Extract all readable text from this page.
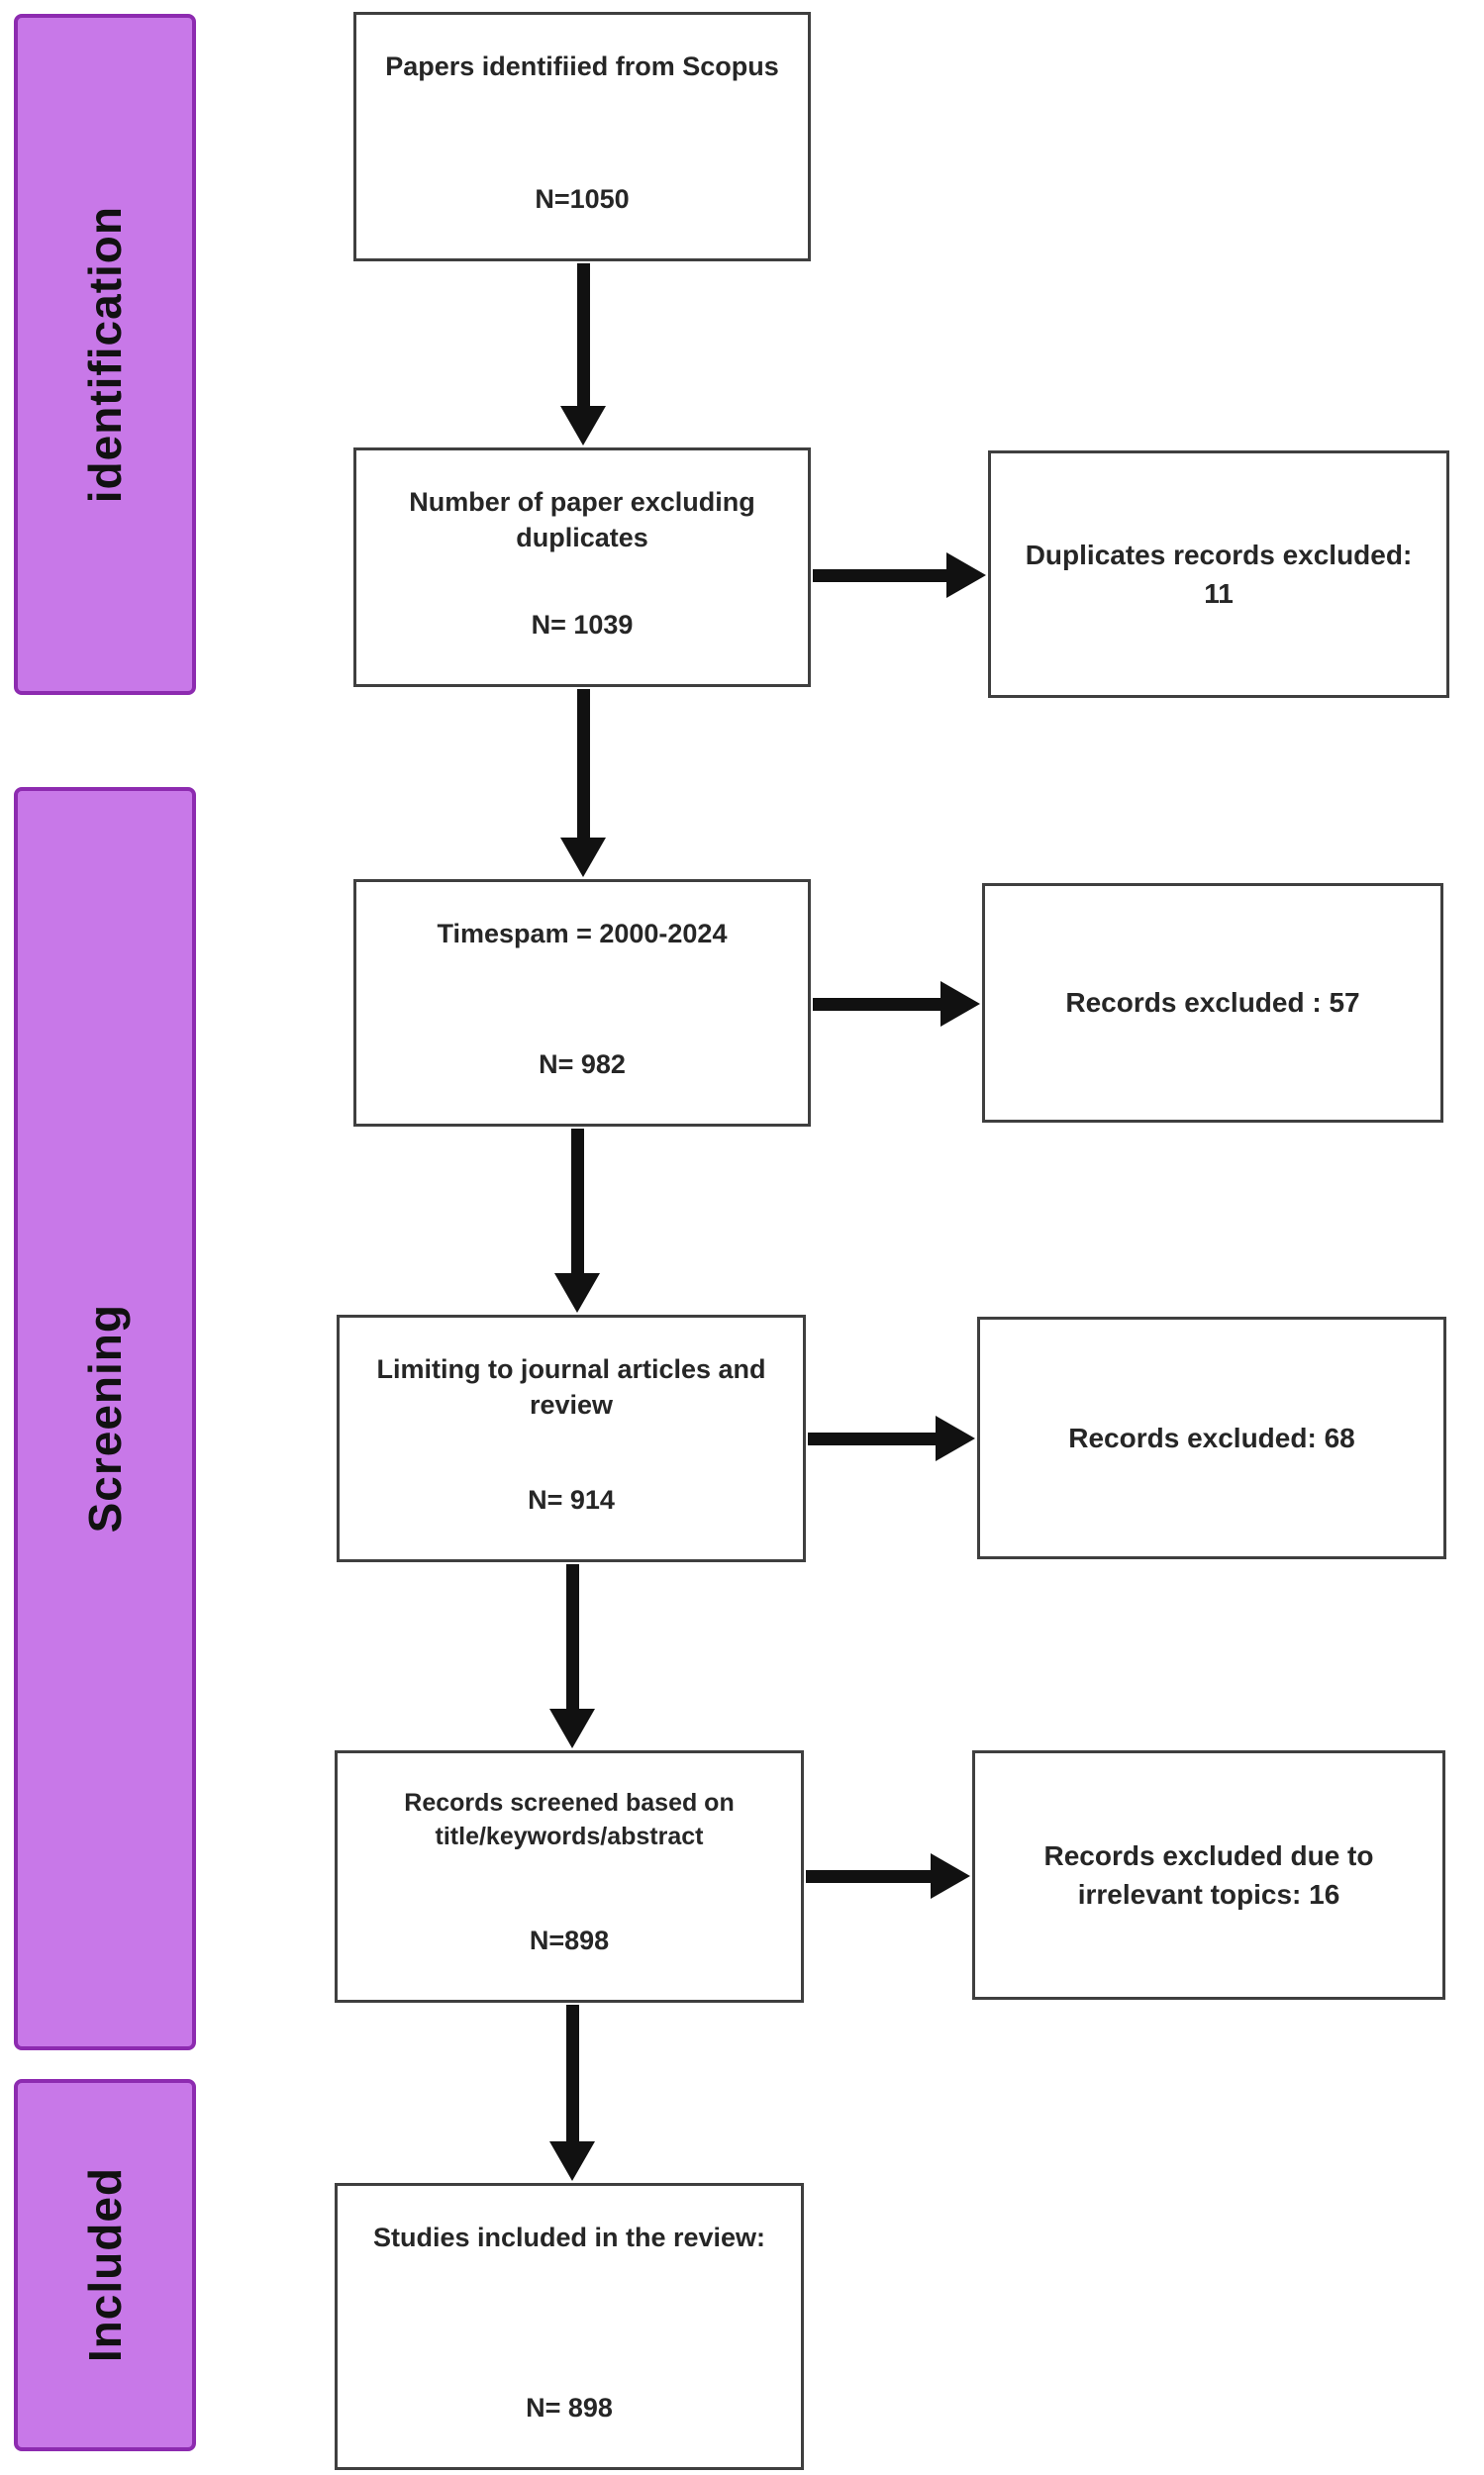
identification
Screening
Included
Papers identifiied from Scopus
N=1050
Number of paper excluding duplicates
N= 1039
Timespam = 2000-2024
N= 982
Limiting to journal articles and review
N= 914
Records screened based on title/keywords/abstract
N=898
Studies included in the review:
N= 898
Duplicates records excluded: 11
Records excluded : 57
Records excluded: 68
Records excluded due to irrelevant topics: 16
